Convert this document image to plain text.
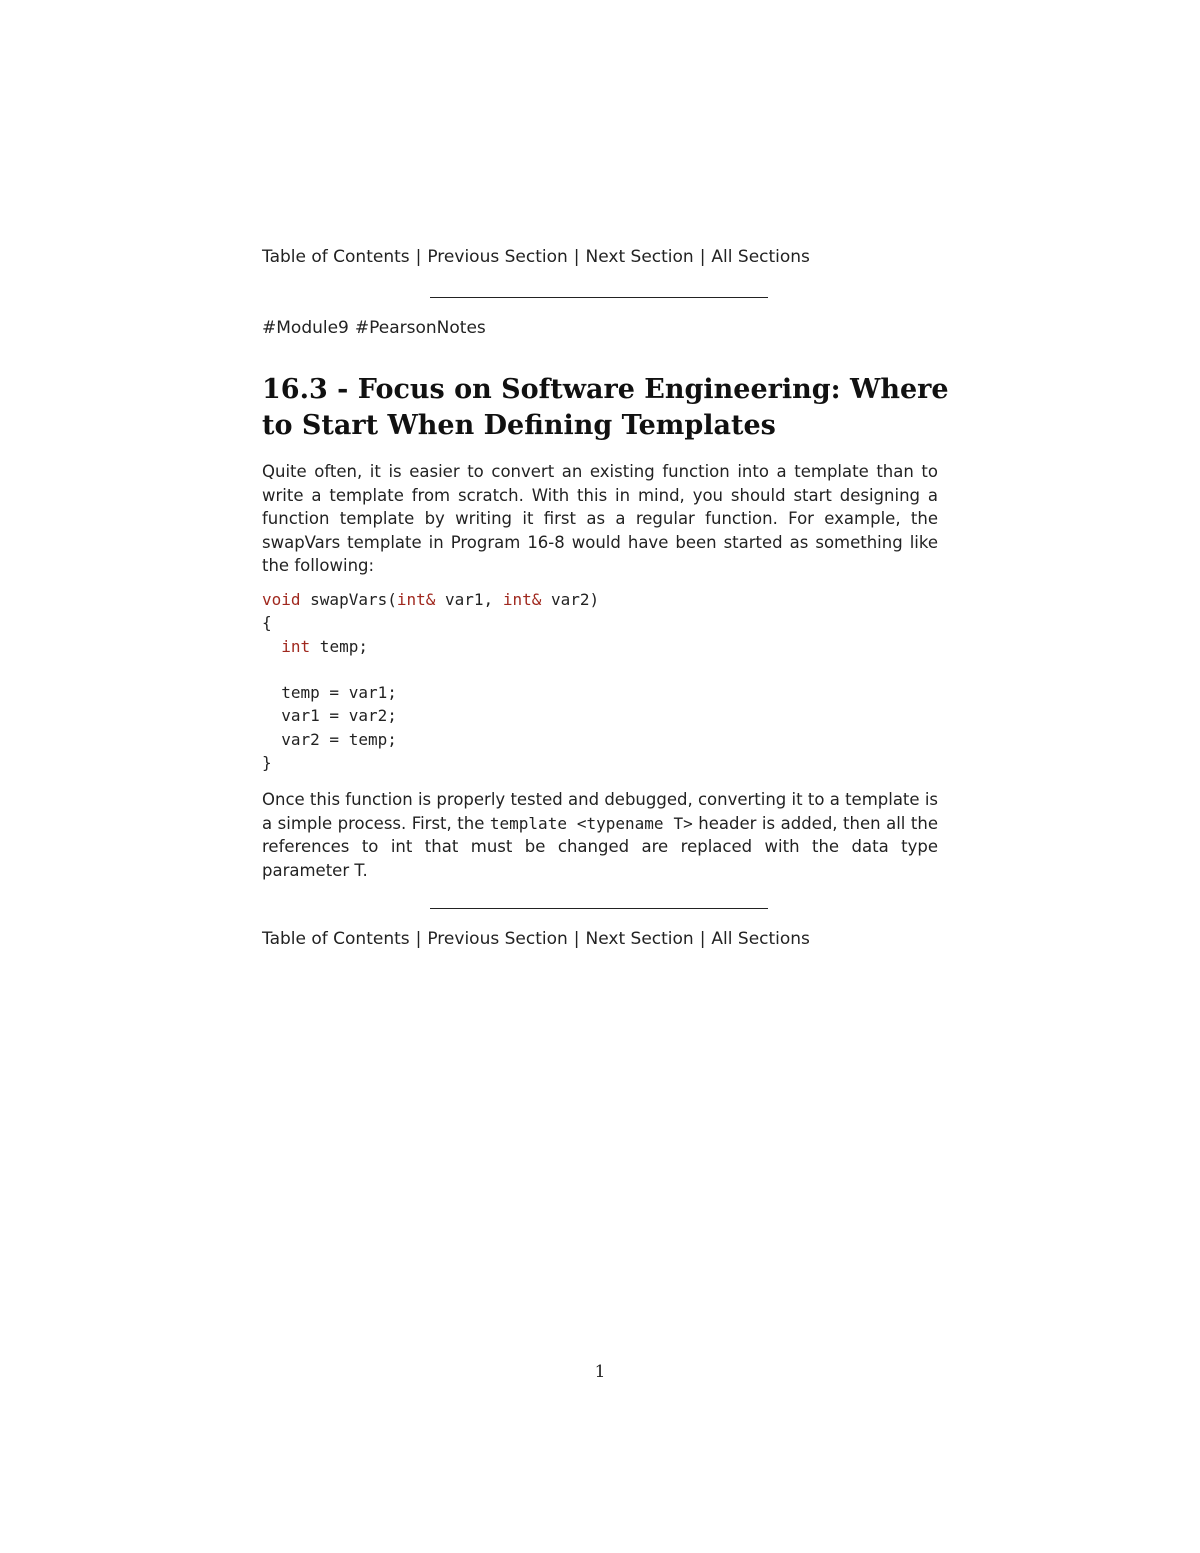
Table of Contents | Previous Section | Next Section | All Sections
#Module9 #PearsonNotes
16.3 - Focus on Software Engineering: Where to Start When Defining Templates

Quite often, it is easier to convert an existing function into a template than to write a template from scratch. With this in mind, you should start designing a function template by writing it first as a regular function. For example, the swapVars template in Program 16-8 would have been started as something like the following:

void swapVars(int& var1, int& var2)
{
int temp;

temp = var1;
var1 = var2;
var2 = temp;
}

Once this function is properly tested and debugged, converting it to a template is a simple process. First, the template <typename T> header is added, then all the references to int that must be changed are replaced with the data type parameter T.

Table of Contents | Previous Section | Next Section | All Sections
1
